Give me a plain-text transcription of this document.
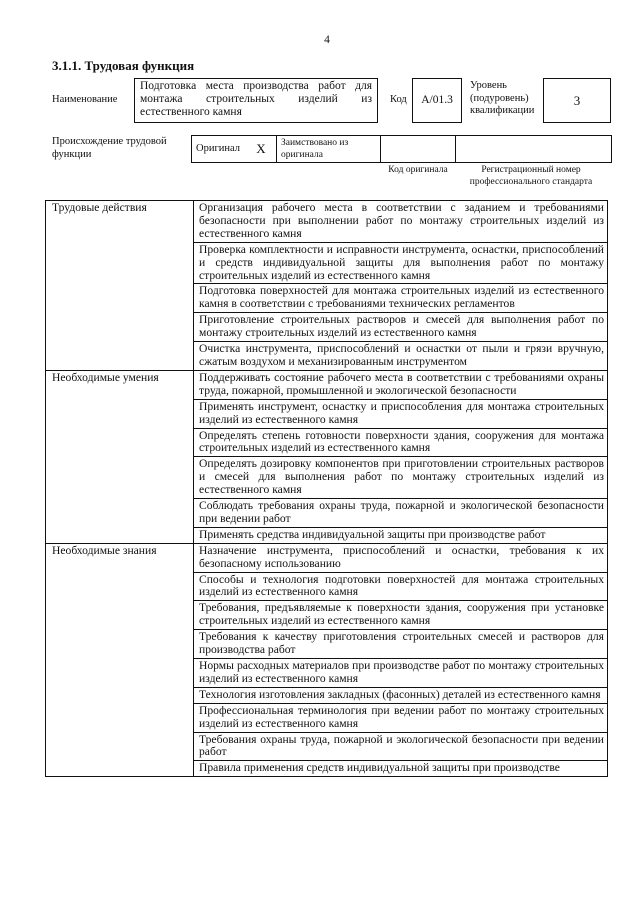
4
3.1.1. Трудовая функция
Наименование
Подготовка места производства работ для монтажа строительных изделий из естественного камня
Код	А/01.3
Уровень (подуровень) квалификации
3
Происхождение трудовой функции
Оригинал	X	Заимствовано из оригинала
Код оригинала	Регистрационный номер профессионального стандарта
Трудовые действия	Организация рабочего места в соответствии с заданием и требованиями безопасности при выполнении работ по монтажу строительных изделий из естественного камня
	Проверка комплектности и исправности инструмента, оснастки, приспособлений и средств индивидуальной защиты для выполнения работ по монтажу строительных изделий из естественного камня
	Подготовка поверхностей для монтажа строительных изделий из естественного камня в соответствии с требованиями технических регламентов
	Приготовление строительных растворов и смесей для выполнения работ по монтажу строительных изделий из естественного камня
	Очистка инструмента, приспособлений и оснастки от пыли и грязи вручную, сжатым воздухом и механизированным инструментом
Необходимые умения	Поддерживать состояние рабочего места в соответствии с требованиями охраны труда, пожарной, промышленной и экологической безопасности
	Применять инструмент, оснастку и приспособления для монтажа строительных изделий из естественного камня
	Определять степень готовности поверхности здания, сооружения для монтажа строительных изделий из естественного камня
	Определять дозировку компонентов при приготовлении строительных растворов и смесей для выполнения работ по монтажу строительных изделий из естественного камня
	Соблюдать требования охраны труда, пожарной и экологической безопасности при ведении работ
	Применять средства индивидуальной защиты при производстве работ
Необходимые знания	Назначение инструмента, приспособлений и оснастки, требования к их безопасному использованию
	Способы и технология подготовки поверхностей для монтажа строительных изделий из естественного камня
	Требования, предъявляемые к поверхности здания, сооружения при установке строительных изделий из естественного камня
	Требования к качеству приготовления строительных смесей и растворов для производства работ
	Нормы расходных материалов при производстве работ по монтажу строительных изделий из естественного камня
	Технология изготовления закладных (фасонных) деталей из естественного камня
	Профессиональная терминология при ведении работ по монтажу строительных изделий из естественного камня
	Требования охраны труда, пожарной и экологической безопасности при ведении работ
	Правила применения средств индивидуальной защиты при производстве
